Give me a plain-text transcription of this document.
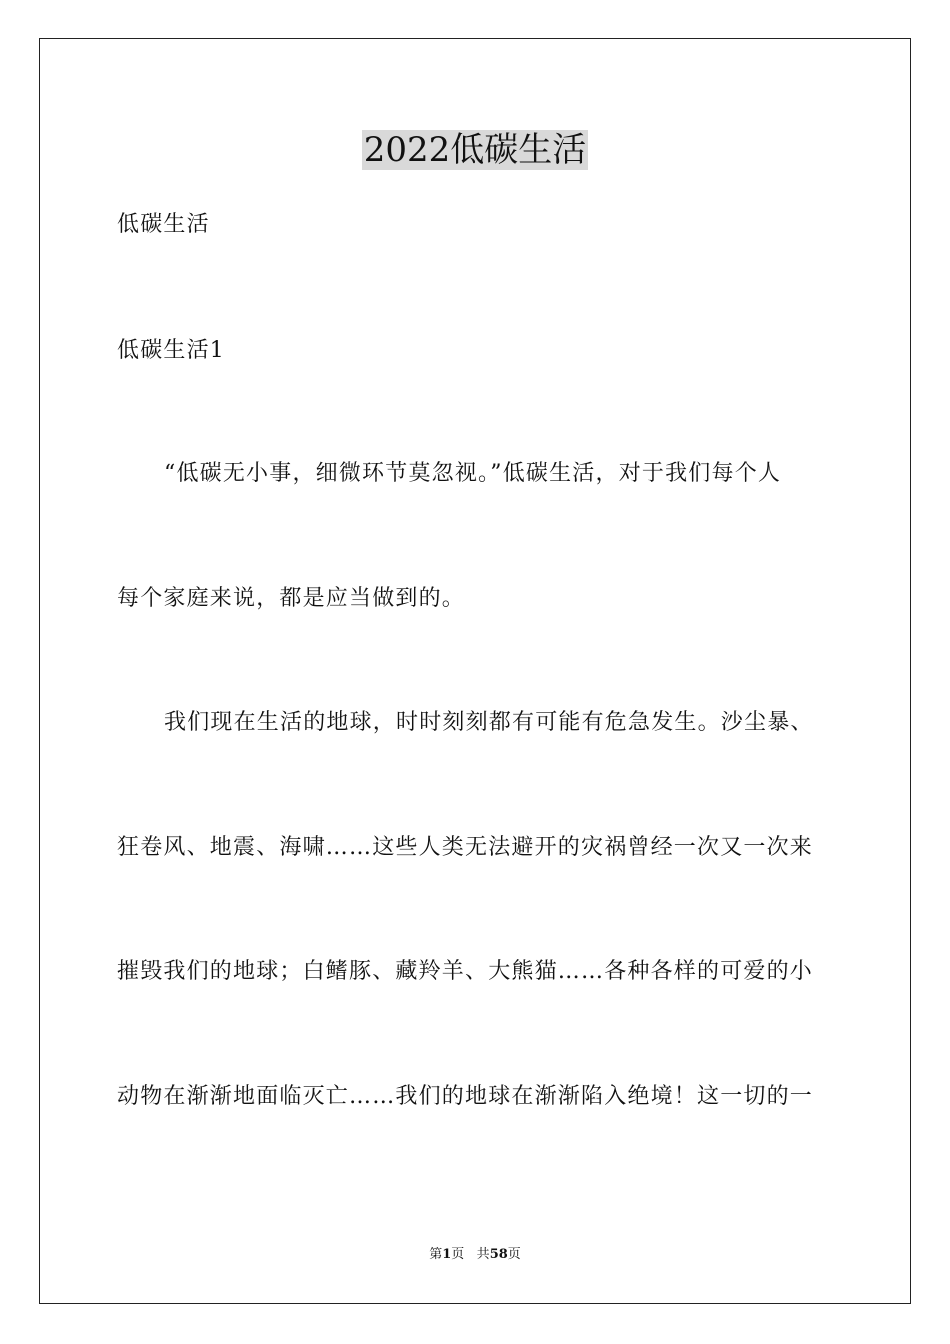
2022低碳生活

低碳生活

低碳生活1

“低碳无小事，细微环节莫忽视。”低碳生活，对于我们每个人

每个家庭来说，都是应当做到的。

我们现在生活的地球，时时刻刻都有可能有危急发生。沙尘暴、

狂卷风、地震、海啸……这些人类无法避开的灾祸曾经一次又一次来

摧毁我们的地球；白鳍豚、藏羚羊、大熊猫……各种各样的可爱的小

动物在渐渐地面临灭亡……我们的地球在渐渐陷入绝境！这一切的一

第1页 共58页
